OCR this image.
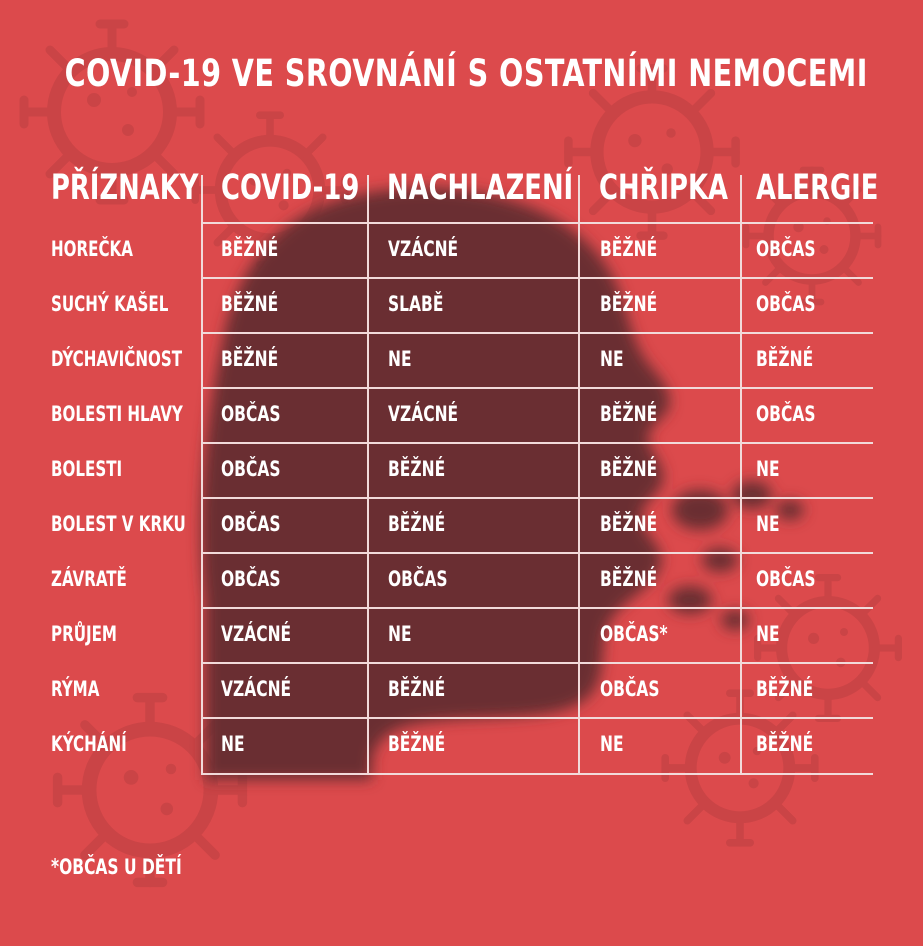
COVID-19 VE SROVNÁNÍ S OSTATNÍMI NEMOCEMI
PŘÍZNAKY COVID-19 NACHLAZENÍ CHŘIPKA ALERGIE
HOREČKA	BĚŽNÉ	VZÁCNÉ	BĚŽNÉ	OBČAS
SUCHÝ KAŠEL	BĚŽNÉ	SLABĚ	BĚŽNÉ	OBČAS
DÝCHAVIČNOST BĚŽNÉ	NE	NE	BĚŽNÉ
BOLESTI HLAVY OBČAS	VZÁCNÉ	BĚŽNÉ	OBČAS
BOLESTI	OBČAS	BĚŽNÉ	BĚŽNÉ	NE
BOLEST V KRKU OBČAS	BĚŽNÉ	BĚŽNÉ	NE
ZÁVRATĚ	OBČAS	OBČAS	BĚŽNÉ	OBČAS
PRŮJEM	VZÁCNÉ	NE	OBČAS*	NE
RÝMA	VZÁCNÉ	BĚŽNÉ	OBČAS	BĚŽNÉ
KÝCHÁNÍ	NE	BĚŽNÉ	NE	BĚŽNÉ
*OBČAS U DĚTÍ
